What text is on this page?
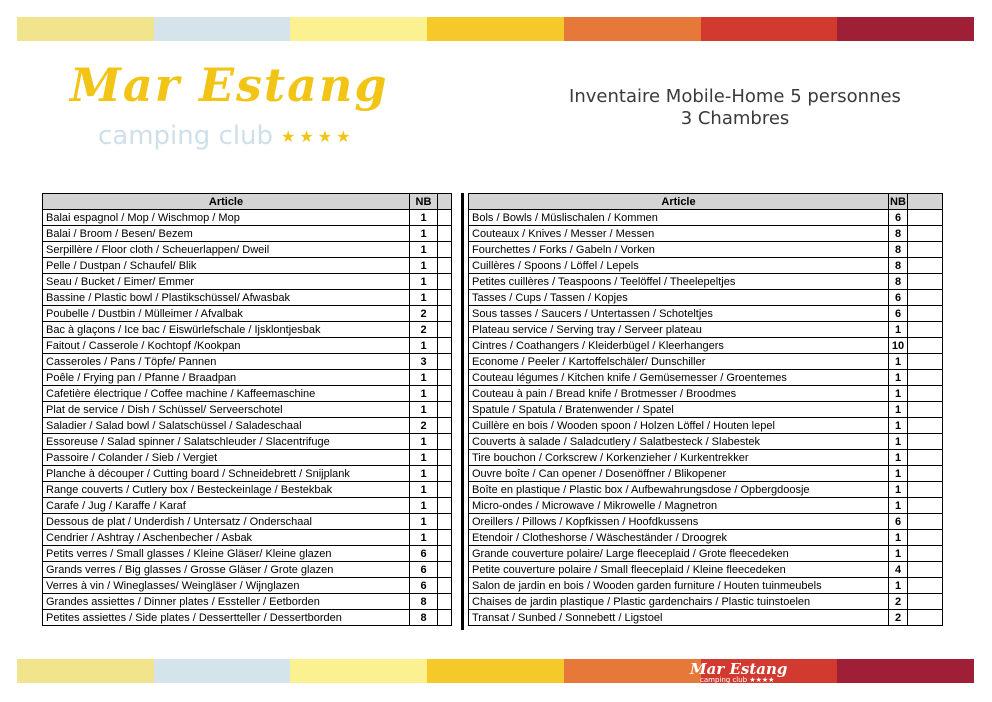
Mar Estang
camping club ★★★★
Inventaire Mobile-Home 5 personnes
3 Chambres
Article	NB	
Balai espagnol / Mop / Wischmop / Mop	1	
Balai / Broom / Besen/ Bezem	1	
Serpillère / Floor cloth / Scheuerlappen/ Dweil	1	
Pelle / Dustpan / Schaufel/ Blik	1	
Seau / Bucket / Eimer/ Emmer	1	
Bassine / Plastic bowl / Plastikschüssel/ Afwasbak	1	
Poubelle / Dustbin / Mülleimer / Afvalbak	2	
Bac à glaçons / Ice bac / Eiswürlefschale / Ijsklontjesbak	2	
Faitout / Casserole / Kochtopf /Kookpan	1	
Casseroles / Pans / Töpfe/ Pannen	3	
Poêle / Frying pan / Pfanne / Braadpan	1	
Cafetière électrique / Coffee machine / Kaffeemaschine	1	
Plat de service / Dish / Schüssel/ Serveerschotel	1	
Saladier / Salad bowl / Salatschüssel / Saladeschaal	2	
Essoreuse / Salad spinner / Salatschleuder / Slacentrifuge	1	
Passoire / Colander / Sieb / Vergiet	1	
Planche à découper / Cutting board / Schneidebrett / Snijplank	1	
Range couverts / Cutlery box / Besteckeinlage / Bestekbak	1	
Carafe / Jug / Karaffe / Karaf	1	
Dessous de plat / Underdish / Untersatz / Onderschaal	1	
Cendrier / Ashtray / Aschenbecher / Asbak	1	
Petits verres / Small glasses / Kleine Gläser/ Kleine glazen	6	
Grands verres / Big glasses / Grosse Gläser / Grote glazen	6	
Verres à vin / Wineglasses/ Weingläser / Wijnglazen	6	
Grandes assiettes / Dinner plates / Essteller / Eetborden	8	
Petites assiettes / Side plates / Dessertteller / Dessertborden	8	
Article	NB	
Bols / Bowls / Müslischalen / Kommen	6	
Couteaux / Knives / Messer / Messen	8	
Fourchettes / Forks / Gabeln / Vorken	8	
Cuillères / Spoons / Löffel / Lepels	8	
Petites cuillères / Teaspoons / Teelöffel / Theelepeltjes	8	
Tasses / Cups / Tassen / Kopjes	6	
Sous tasses / Saucers / Untertassen / Schoteltjes	6	
Plateau service / Serving tray / Serveer plateau	1	
Cintres / Coathangers / Kleiderbügel / Kleerhangers	10	
Econome / Peeler / Kartoffelschäler/ Dunschiller	1	
Couteau légumes / Kitchen knife / Gemüsemesser / Groentemes	1	
Couteau à pain / Bread knife / Brotmesser / Broodmes	1	
Spatule / Spatula / Bratenwender / Spatel	1	
Cuillère en bois / Wooden spoon / Holzen Löffel / Houten lepel	1	
Couverts à salade / Saladcutlery / Salatbesteck / Slabestek	1	
Tire bouchon / Corkscrew / Korkenzieher / Kurkentrekker	1	
Ouvre boîte / Can opener / Dosenöffner / Blikopener	1	
Boîte en plastique / Plastic box / Aufbewahrungsdose / Opbergdoosje	1	
Micro-ondes / Microwave / Mikrowelle / Magnetron	1	
Oreillers / Pillows / Kopfkissen / Hoofdkussens	6	
Etendoir / Clotheshorse / Wäscheständer / Droogrek	1	
Grande couverture polaire/ Large fleeceplaid / Grote fleecedeken	1	
Petite couverture polaire / Small fleeceplaid / Kleine fleecedeken	4	
Salon de jardin en bois / Wooden garden furniture / Houten tuinmeubels	1	
Chaises de jardin plastique / Plastic gardenchairs / Plastic tuinstoelen	2	
Transat / Sunbed / Sonnebett / Ligstoel	2	
Mar Estang
camping club ★★★★
